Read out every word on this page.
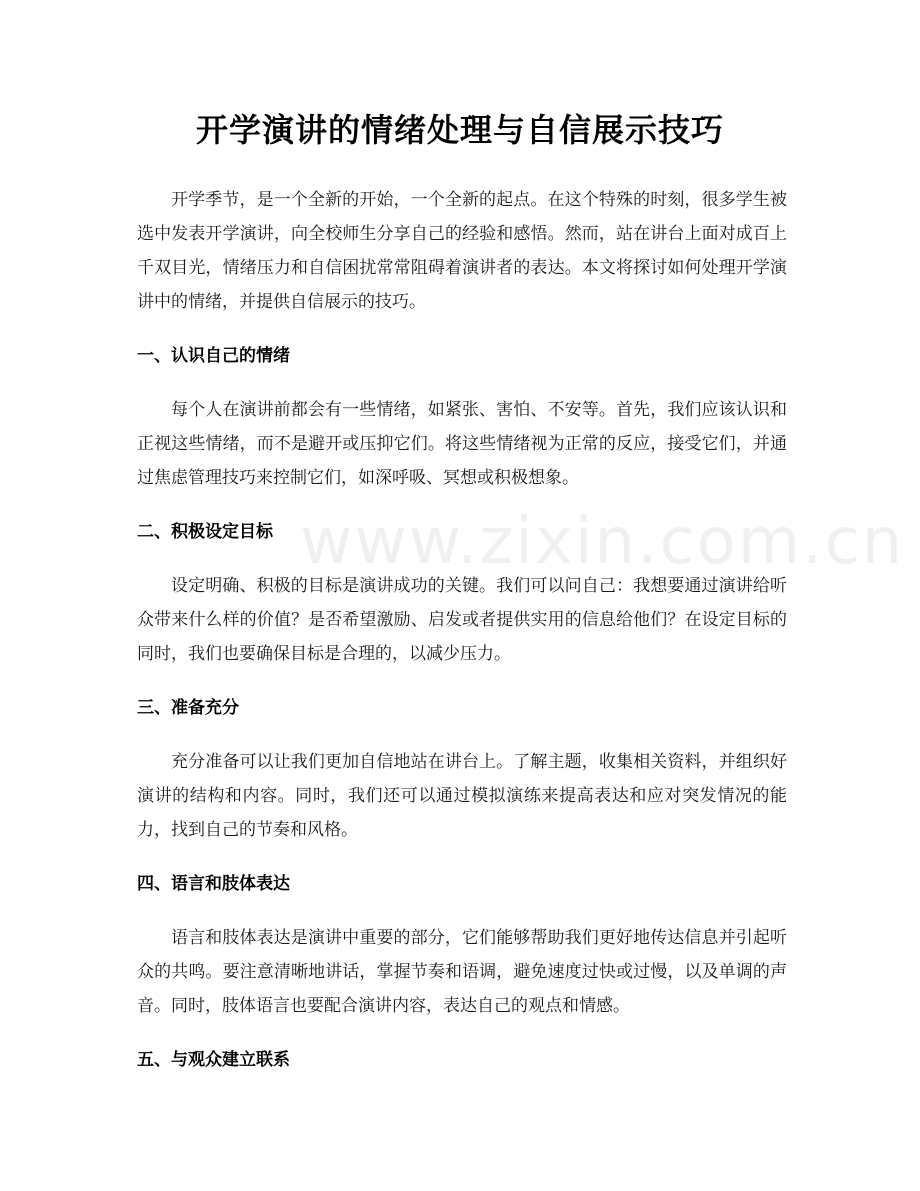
www.zixin.com.cn
开学演讲的情绪处理与自信展示技巧

开学季节，是一个全新的开始，一个全新的起点。在这个特殊的时刻，很多学生被选中发表开学演讲，向全校师生分享自己的经验和感悟。然而，站在讲台上面对成百上千双目光，情绪压力和自信困扰常常阻碍着演讲者的表达。本文将探讨如何处理开学演讲中的情绪，并提供自信展示的技巧。

一、认识自己的情绪

每个人在演讲前都会有一些情绪，如紧张、害怕、不安等。首先，我们应该认识和正视这些情绪，而不是避开或压抑它们。将这些情绪视为正常的反应，接受它们，并通过焦虑管理技巧来控制它们，如深呼吸、冥想或积极想象。

二、积极设定目标

设定明确、积极的目标是演讲成功的关键。我们可以问自己：我想要通过演讲给听众带来什么样的价值？是否希望激励、启发或者提供实用的信息给他们？在设定目标的同时，我们也要确保目标是合理的，以减少压力。

三、准备充分

充分准备可以让我们更加自信地站在讲台上。了解主题，收集相关资料，并组织好演讲的结构和内容。同时，我们还可以通过模拟演练来提高表达和应对突发情况的能力，找到自己的节奏和风格。

四、语言和肢体表达

语言和肢体表达是演讲中重要的部分，它们能够帮助我们更好地传达信息并引起听众的共鸣。要注意清晰地讲话，掌握节奏和语调，避免速度过快或过慢，以及单调的声音。同时，肢体语言也要配合演讲内容，表达自己的观点和情感。

五、与观众建立联系
